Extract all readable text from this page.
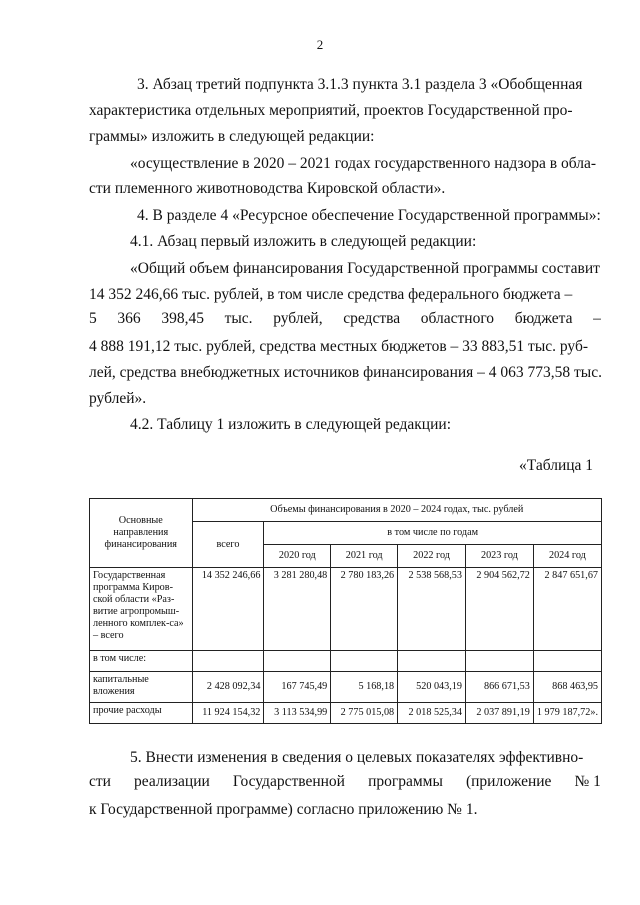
2
3. Абзац третий подпункта 3.1.3 пункта 3.1 раздела 3 «Обобщенная
характеристика отдельных мероприятий, проектов Государственной про-
граммы» изложить в следующей редакции:
«осуществление в 2020 – 2021 годах государственного надзора в обла-
сти племенного животноводства Кировской области».
4. В разделе 4 «Ресурсное обеспечение Государственной программы»:
4.1. Абзац первый изложить в следующей редакции:
«Общий объем финансирования Государственной программы составит
14 352 246,66 тыс. рублей, в том числе средства федерального бюджета –
5 366 398,45 тыс. рублей, средства областного бюджета –
4 888 191,12 тыс. рублей, средства местных бюджетов – 33 883,51 тыс. руб-
лей, средства внебюджетных источников финансирования – 4 063 773,58 тыс.
рублей».
4.2. Таблицу 1 изложить в следующей редакции:
«Таблица 1
Основные направления финансирования	Объемы финансирования в 2020 – 2024 годах, тыс. рублей					
	всего	в том числе по годам				
		2020 год	2021 год	2022 год	2023 год	2024 год
Государственная программа Киров-ской области «Раз-витие агропромыш-ленного комплек-са» – всего	14 352 246,66	3 281 280,48	2 780 183,26	2 538 568,53	2 904 562,72	2 847 651,67
в том числе:						
капитальные вложения	2 428 092,34	167 745,49	5 168,18	520 043,19	866 671,53	868 463,95
прочие расходы	11 924 154,32	3 113 534,99	2 775 015,08	2 018 525,34	2 037 891,19	1 979 187,72».
5. Внести изменения в сведения о целевых показателях эффективно-
сти реализации Государственной программы (приложение № 1
к Государственной программе) согласно приложению № 1.
